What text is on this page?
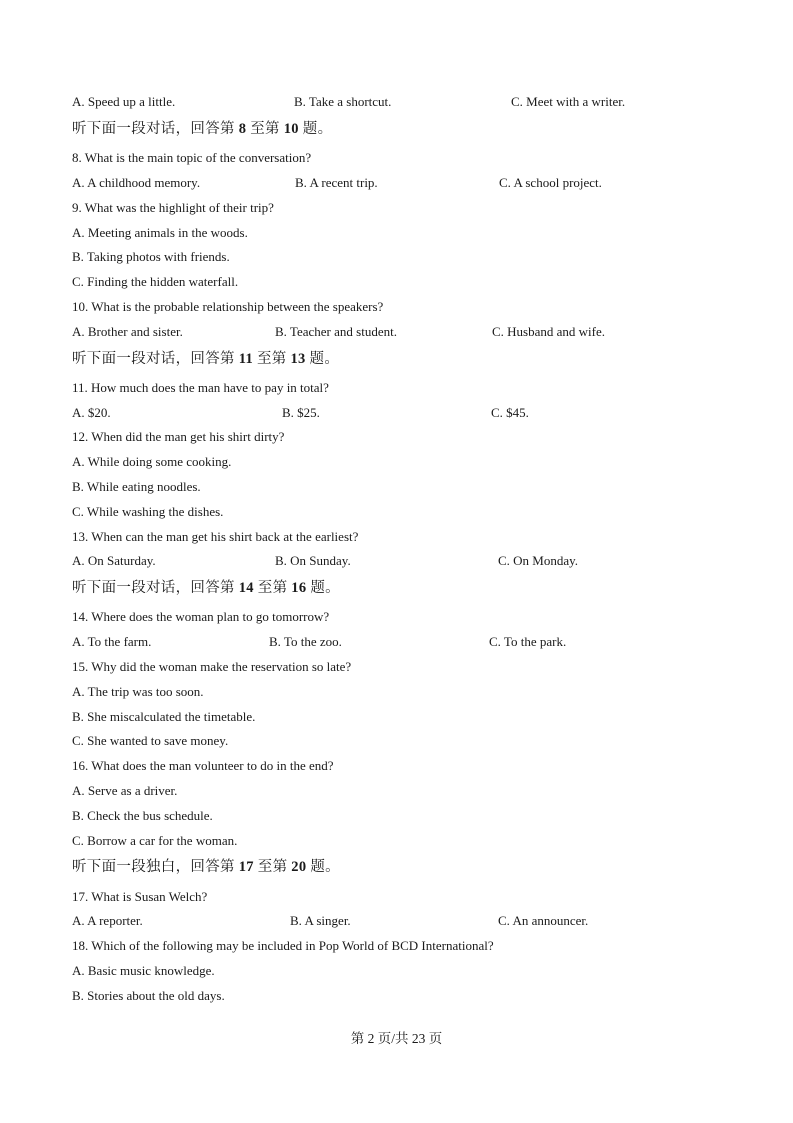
A. Speed up a little.	B. Take a shortcut.	C. Meet with a writer.
听下面一段对话，回答第 8 至第 10 题。
8. What is the main topic of the conversation?
A. A childhood memory.	B. A recent trip.	C. A school project.
9. What was the highlight of their trip?
A. Meeting animals in the woods.
B. Taking photos with friends.
C. Finding the hidden waterfall.
10. What is the probable relationship between the speakers?
A. Brother and sister.	B. Teacher and student.	C. Husband and wife.
听下面一段对话，回答第 11 至第 13 题。
11. How much does the man have to pay in total?
A. $20.	B. $25.	C. $45.
12. When did the man get his shirt dirty?
A. While doing some cooking.
B. While eating noodles.
C. While washing the dishes.
13. When can the man get his shirt back at the earliest?
A. On Saturday.	B. On Sunday.	C. On Monday.
听下面一段对话，回答第 14 至第 16 题。
14. Where does the woman plan to go tomorrow?
A. To the farm.	B. To the zoo.	C. To the park.
15. Why did the woman make the reservation so late?
A. The trip was too soon.
B. She miscalculated the timetable.
C. She wanted to save money.
16. What does the man volunteer to do in the end?
A. Serve as a driver.
B. Check the bus schedule.
C. Borrow a car for the woman.
听下面一段独白，回答第 17 至第 20 题。
17. What is Susan Welch?
A. A reporter.	B. A singer.	C. An announcer.
18. Which of the following may be included in Pop World of BCD International?
A. Basic music knowledge.
B. Stories about the old days.
第 2 页/共 23 页
